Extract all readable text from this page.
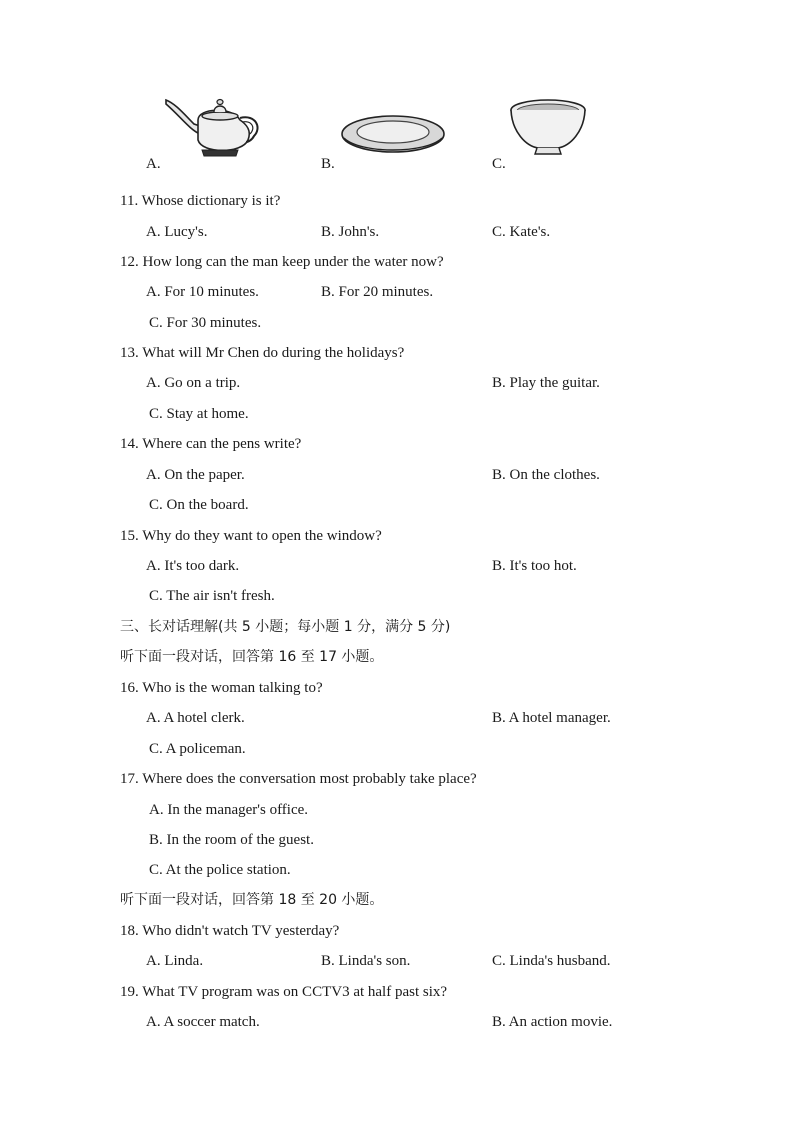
A.	B.	C.
11. Whose dictionary is it?
A. Lucy's.	B. John's.	C. Kate's.
12. How long can the man keep under the water now?
A. For 10 minutes.	B. For 20 minutes.
C. For 30 minutes.
13. What will Mr Chen do during the holidays?
A. Go on a trip.	B. Play the guitar.
C. Stay at home.
14. Where can the pens write?
A. On the paper.	B. On the clothes.
C. On the board.
15. Why do they want to open the window?
A. It's too dark.	B. It's too hot.
C. The air isn't fresh.
三、长对话理解(共 5 小题；每小题 1 分，满分 5 分)
听下面一段对话，回答第 16 至 17 小题。
16. Who is the woman talking to?
A. A hotel clerk.	B. A hotel manager.
C. A policeman.
17. Where does the conversation most probably take place?
A. In the manager's office.
B. In the room of the guest.
C. At the police station.
听下面一段对话，回答第 18 至 20 小题。
18. Who didn't watch TV yesterday?
A. Linda.	B. Linda's son.	C. Linda's husband.
19. What TV program was on CCTV3 at half past six?
A. A soccer match.	B. An action movie.
